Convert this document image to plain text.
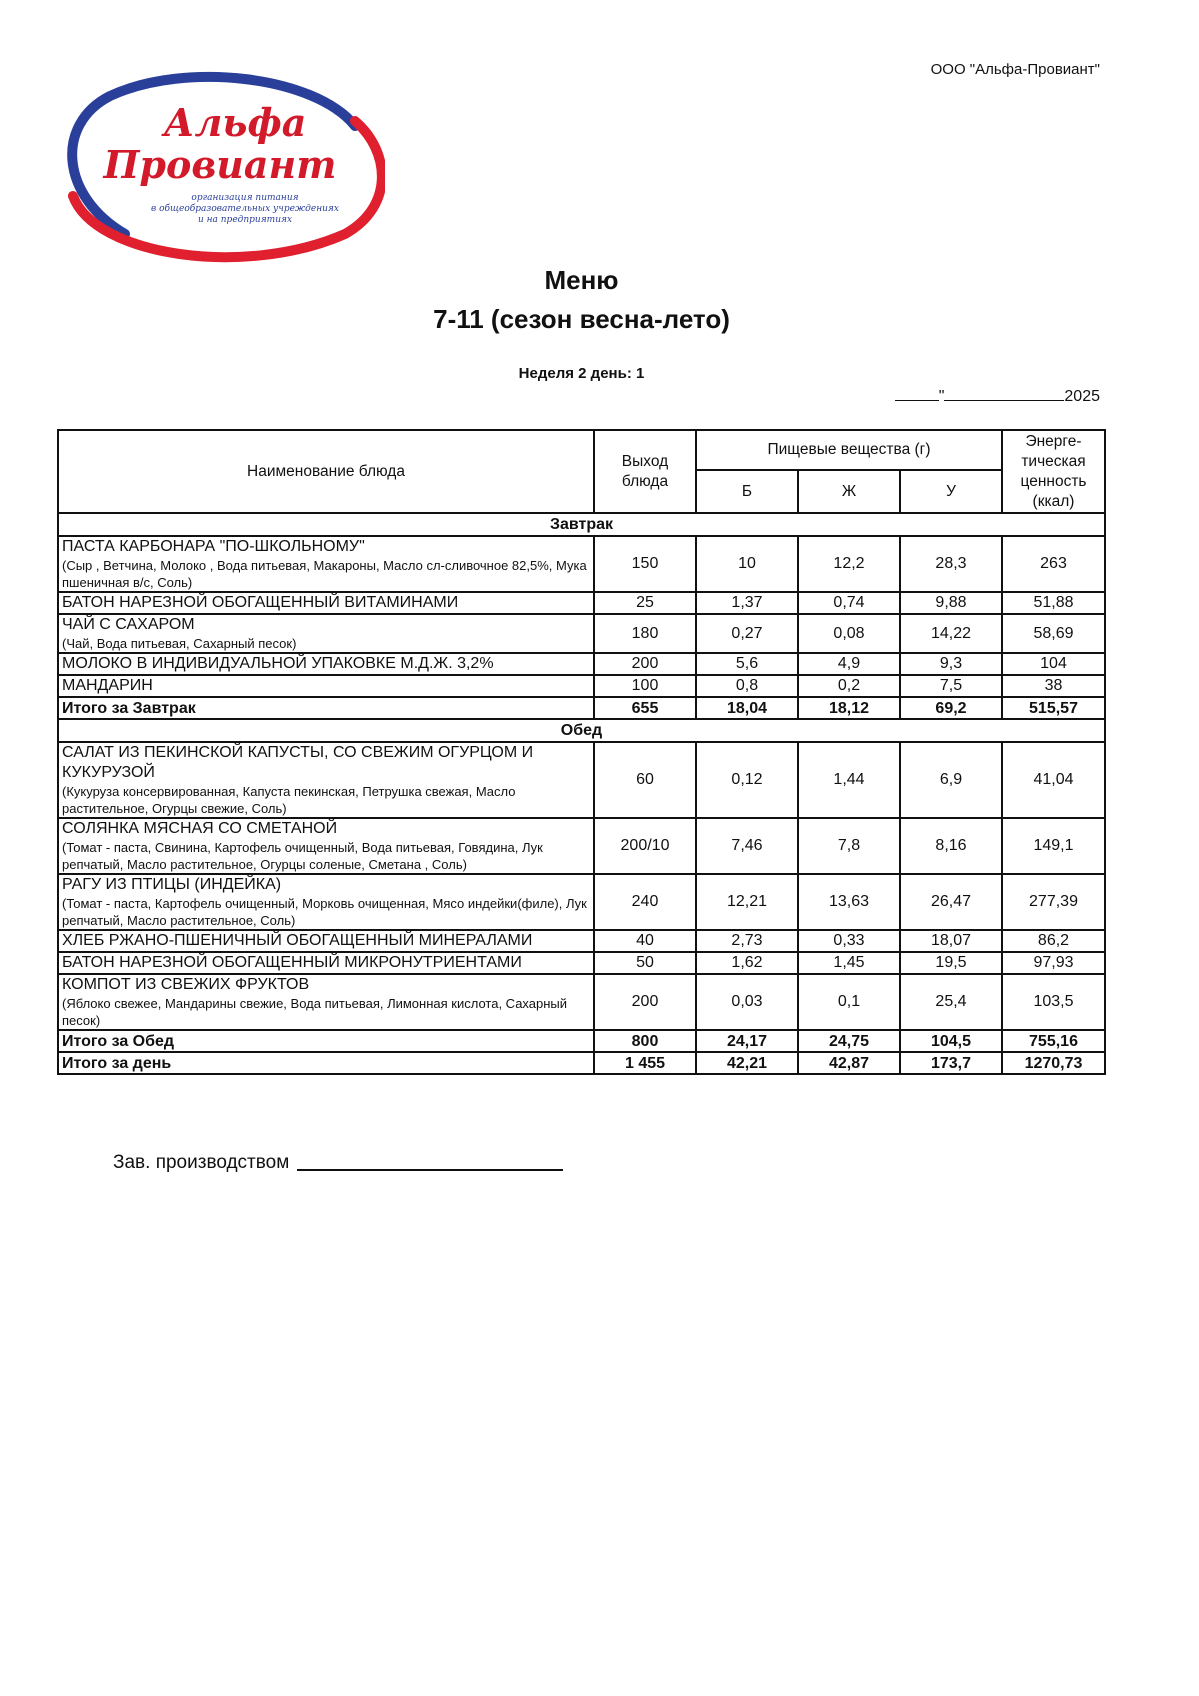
ООО "Альфа-Провиант"
Альфа
Провиант
организация питания
в общеобразовательных учреждениях
и на предприятиях
Меню
7-11 (сезон весна-лето)
Неделя 2 день: 1
"	2025
Наименование блюда	Выход блюда	Пищевые вещества (г)			Энерге-тическая ценность (ккал)
		Б	Ж	У	
Завтрак					

ПАСТА КАРБОНАРА "ПО-ШКОЛЬНОМУ"
(Сыр , Ветчина, Молоко , Вода питьевая, Макароны, Масло сл-сливочное 82,5%, Мука пшеничная в/с, Соль)	150	10	12,2	28,3	263

БАТОН НАРЕЗНОЙ ОБОГАЩЕННЫЙ ВИТАМИНАМИ	25	1,37	0,74	9,88	51,88

ЧАЙ С САХАРОМ
(Чай, Вода питьевая, Сахарный песок)	180	0,27	0,08	14,22	58,69

МОЛОКО В ИНДИВИДУАЛЬНОЙ УПАКОВКЕ М.Д.Ж. 3,2%	200	5,6	4,9	9,3	104

МАНДАРИН	100	0,8	0,2	7,5	38
Итого за Завтрак	655	18,04	18,12	69,2	515,57
Обед					

САЛАТ ИЗ ПЕКИНСКОЙ КАПУСТЫ, СО СВЕЖИМ ОГУРЦОМ И КУКУРУЗОЙ
(Кукуруза консервированная, Капуста пекинская, Петрушка свежая, Масло растительное, Огурцы свежие, Соль)	60	0,12	1,44	6,9	41,04

СОЛЯНКА МЯСНАЯ СО СМЕТАНОЙ
(Томат - паста, Свинина, Картофель очищенный, Вода питьевая, Говядина, Лук репчатый, Масло растительное, Огурцы соленые, Сметана , Соль)	200/10	7,46	7,8	8,16	149,1

РАГУ ИЗ ПТИЦЫ (ИНДЕЙКА)
(Томат - паста, Картофель очищенный, Морковь очищенная, Мясо индейки(филе), Лук репчатый, Масло растительное, Соль)	240	12,21	13,63	26,47	277,39

ХЛЕБ РЖАНО-ПШЕНИЧНЫЙ ОБОГАЩЕННЫЙ МИНЕРАЛАМИ	40	2,73	0,33	18,07	86,2

БАТОН НАРЕЗНОЙ ОБОГАЩЕННЫЙ МИКРОНУТРИЕНТАМИ	50	1,62	1,45	19,5	97,93

КОМПОТ ИЗ СВЕЖИХ ФРУКТОВ
(Яблоко свежее, Мандарины свежие, Вода питьевая, Лимонная кислота, Сахарный песок)	200	0,03	0,1	25,4	103,5
Итого за Обед	800	24,17	24,75	104,5	755,16
Итого за день	1 455	42,21	42,87	173,7	1270,73
Зав. производством
